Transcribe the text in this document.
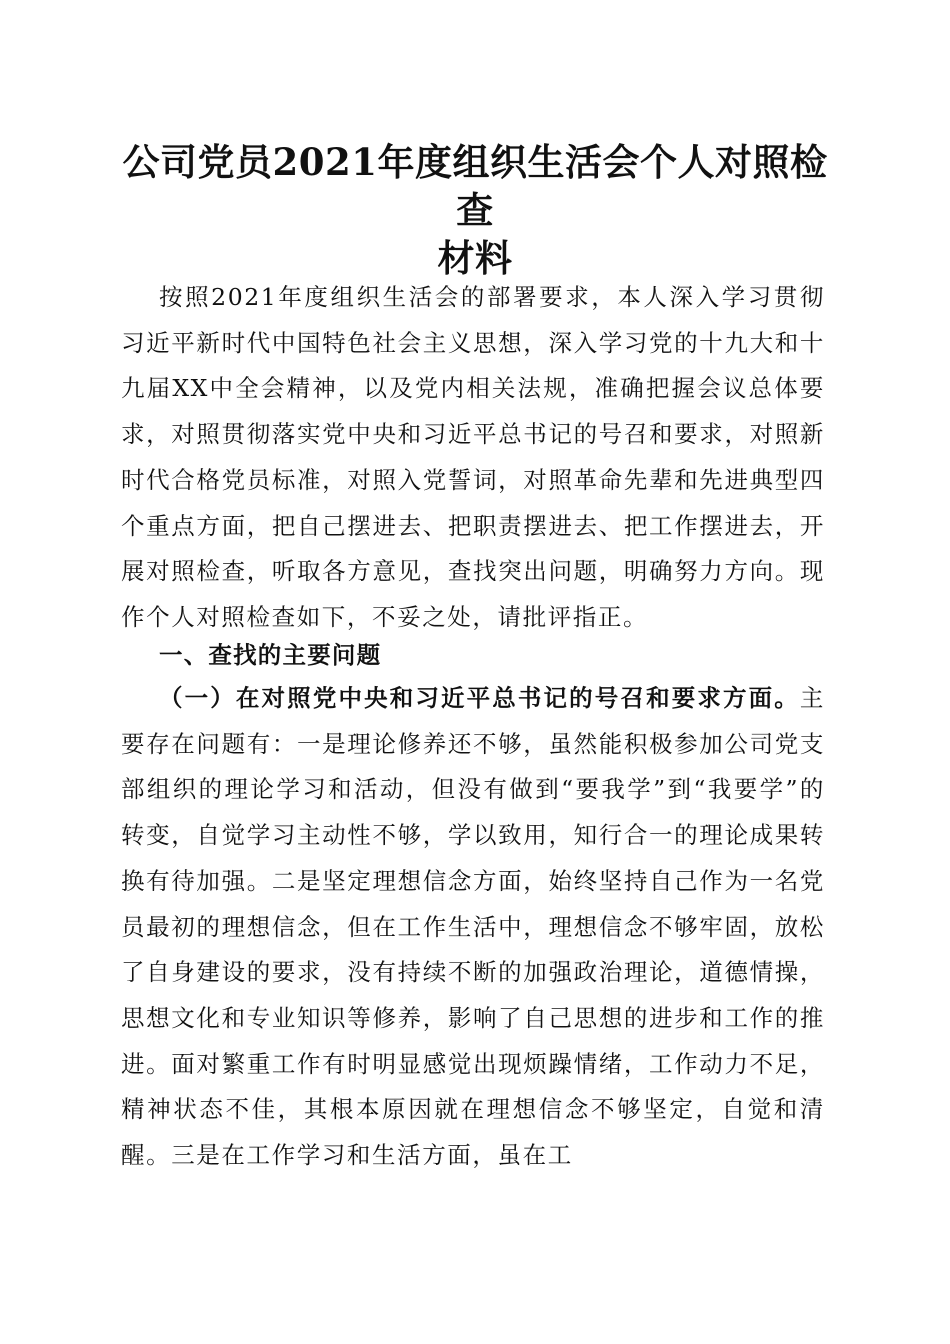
公司党员2021年度组织生活会个人对照检查
材料

按照2021年度组织生活会的部署要求，本人深入学习贯彻习近平新时代中国特色社会主义思想，深入学习党的十九大和十九届XX中全会精神，以及党内相关法规，准确把握会议总体要求，对照贯彻落实党中央和习近平总书记的号召和要求，对照新时代合格党员标准，对照入党誓词，对照革命先辈和先进典型四个重点方面，把自己摆进去、把职责摆进去、把工作摆进去，开展对照检查，听取各方意见，查找突出问题，明确努力方向。现作个人对照检查如下，不妥之处，请批评指正。

一、查找的主要问题

（一）在对照党中央和习近平总书记的号召和要求方面。主要存在问题有：一是理论修养还不够，虽然能积极参加公司党支部组织的理论学习和活动，但没有做到“要我学”到“我要学”的转变，自觉学习主动性不够，学以致用，知行合一的理论成果转换有待加强。二是坚定理想信念方面，始终坚持自己作为一名党员最初的理想信念，但在工作生活中，理想信念不够牢固，放松了自身建设的要求，没有持续不断的加强政治理论，道德情操，思想文化和专业知识等修养，影响了自己思想的进步和工作的推进。面对繁重工作有时明显感觉出现烦躁情绪，工作动力不足，精神状态不佳，其根本原因就在理想信念不够坚定，自觉和清醒。三是在工作学习和生活方面，虽在工
